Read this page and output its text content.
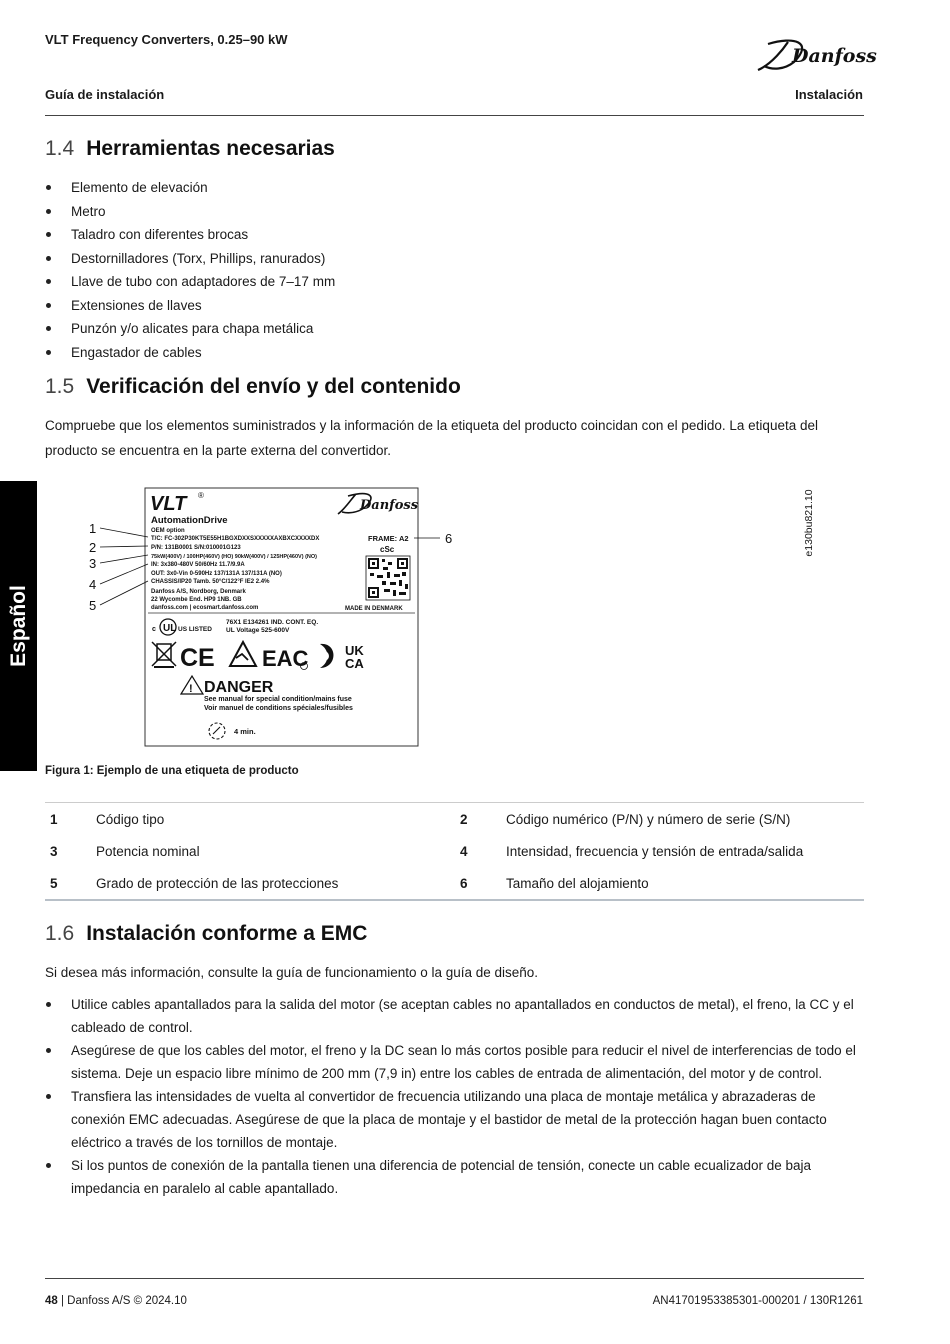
VLT Frequency Converters, 0.25–90 kW
Danfoss
Guía de instalación	Instalación
Español
1.4 Herramientas necesarias
Elemento de elevación
Metro
Taladro con diferentes brocas
Destornilladores (Torx, Phillips, ranurados)
Llave de tubo con adaptadores de 7–17 mm
Extensiones de llaves
Punzón y/o alicates para chapa metálica
Engastador de cables
1.5 Verificación del envío y del contenido
Compruebe que los elementos suministrados y la información de la etiqueta del producto coincidan con el pedido. La etiqueta del producto se encuentra en la parte externa del convertidor.
VLT ®
Danfoss
AutomationDrive
OEM option
T/C: FC-302P30KT5E55H1BGXDXXSXXXXXAXBXCXXXXDX
P/N: 131B0001 S/N:010001G123
75kW(400V) / 100HP(460V) (HO) 90kW(400V) / 125HP(460V) (NO)
IN: 3x380-480V 50/60Hz 11.7/9.9A
OUT: 3x0-Vin 0-590Hz 137/131A 137/131A (NO)
CHASSIS/IP20 Tamb. 50°C/122°F IE2 2.4%
Danfoss A/S, Nordborg, Denmark
22 Wycombe End. HP9 1NB. GB
danfoss.com | ecosmart.danfoss.com
FRAME: A2
cSc
MADE IN DENMARK
UL
c	US LISTED
76X1 E134261 IND. CONT. EQ.
UL Voltage 525-600V
CE EAC	UK
CA
! DANGER
See manual for special condition/mains fuse
Voir manuel de conditions spéciales/fusibles
4 min.
1
2
3
4
5
6	e130bu821.10
Figura 1: Ejemplo de una etiqueta de producto
1	Código tipo	2	Código numérico (P/N) y número de serie (S/N)
3	Potencia nominal	4	Intensidad, frecuencia y tensión de entrada/salida
5	Grado de protección de las protecciones	6	Tamaño del alojamiento
1.6 Instalación conforme a EMC
Si desea más información, consulte la guía de funcionamiento o la guía de diseño.
Utilice cables apantallados para la salida del motor (se aceptan cables no apantallados en conductos de metal), el freno, la CC y el cableado de control.
Asegúrese de que los cables del motor, el freno y la DC sean lo más cortos posible para reducir el nivel de interferencias de todo el sistema. Deje un espacio libre mínimo de 200 mm (7,9 in) entre los cables de entrada de alimentación, del motor y de control.
Transfiera las intensidades de vuelta al convertidor de frecuencia utilizando una placa de montaje metálica y abrazaderas de conexión EMC adecuadas. Asegúrese de que la placa de montaje y el bastidor de metal de la protección hagan buen contacto eléctrico a través de los tornillos de montaje.
Si los puntos de conexión de la pantalla tienen una diferencia de potencial de tensión, conecte un cable ecualizador de baja impedancia en paralelo al cable apantallado.
48 | Danfoss A/S © 2024.10	AN41701953385301-000201 / 130R1261
